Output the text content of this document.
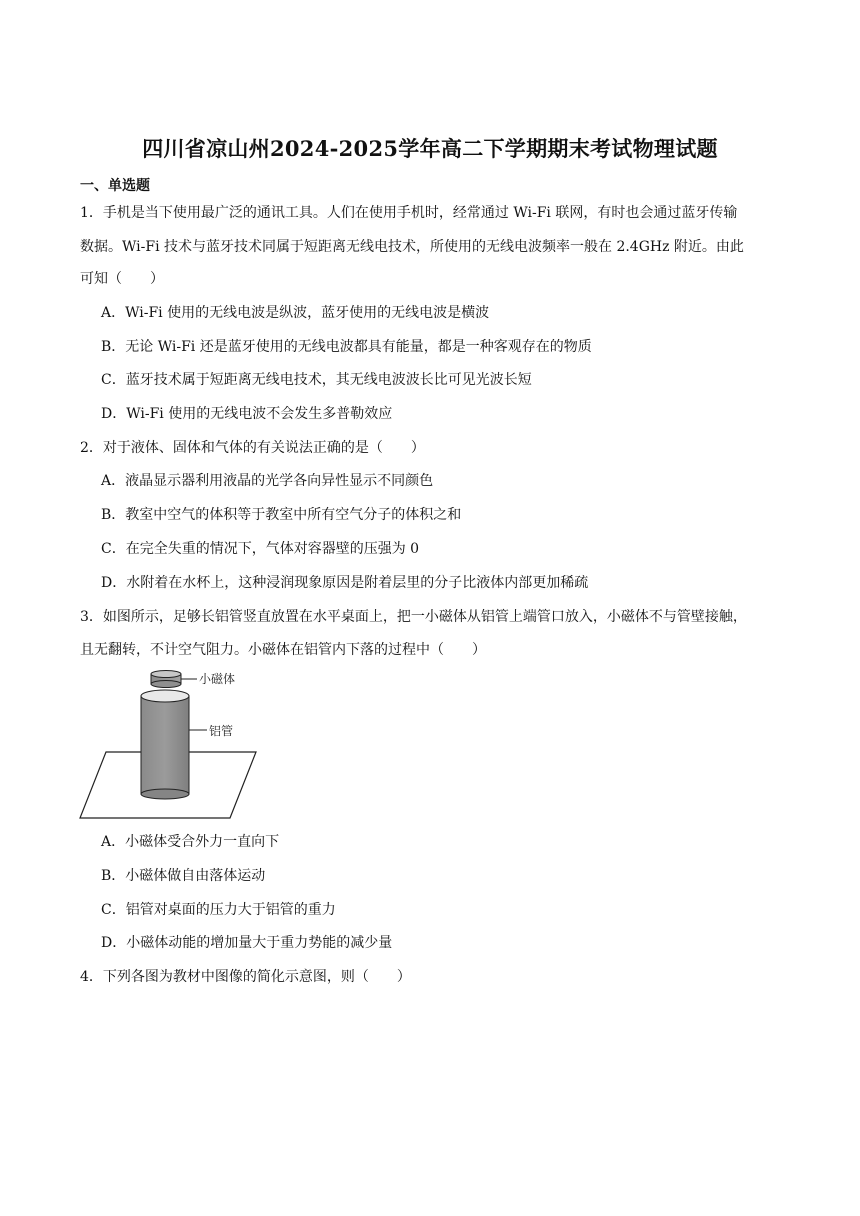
四川省凉山州2024-2025学年高二下学期期末考试物理试题

一、单选题

1．手机是当下使用最广泛的通讯工具。人们在使用手机时，经常通过 Wi-Fi 联网，有时也会通过蓝牙传输

数据。Wi-Fi 技术与蓝牙技术同属于短距离无线电技术，所使用的无线电波频率一般在 2.4GHz 附近。由此

可知（　　）

A．Wi-Fi 使用的无线电波是纵波，蓝牙使用的无线电波是横波

B．无论 Wi-Fi 还是蓝牙使用的无线电波都具有能量，都是一种客观存在的物质

C．蓝牙技术属于短距离无线电技术，其无线电波波长比可见光波长短

D．Wi-Fi 使用的无线电波不会发生多普勒效应

2．对于液体、固体和气体的有关说法正确的是（　　）

A．液晶显示器利用液晶的光学各向异性显示不同颜色

B．教室中空气的体积等于教室中所有空气分子的体积之和

C．在完全失重的情况下，气体对容器壁的压强为 0

D．水附着在水杯上，这种浸润现象原因是附着层里的分子比液体内部更加稀疏

3．如图所示，足够长铝管竖直放置在水平桌面上，把一小磁体从铝管上端管口放入，小磁体不与管壁接触，

且无翻转，不计空气阻力。小磁体在铝管内下落的过程中（　　）

小磁体
铝管

A．小磁体受合外力一直向下

B．小磁体做自由落体运动

C．铝管对桌面的压力大于铝管的重力

D．小磁体动能的增加量大于重力势能的减少量

4．下列各图为教材中图像的简化示意图，则（　　）
